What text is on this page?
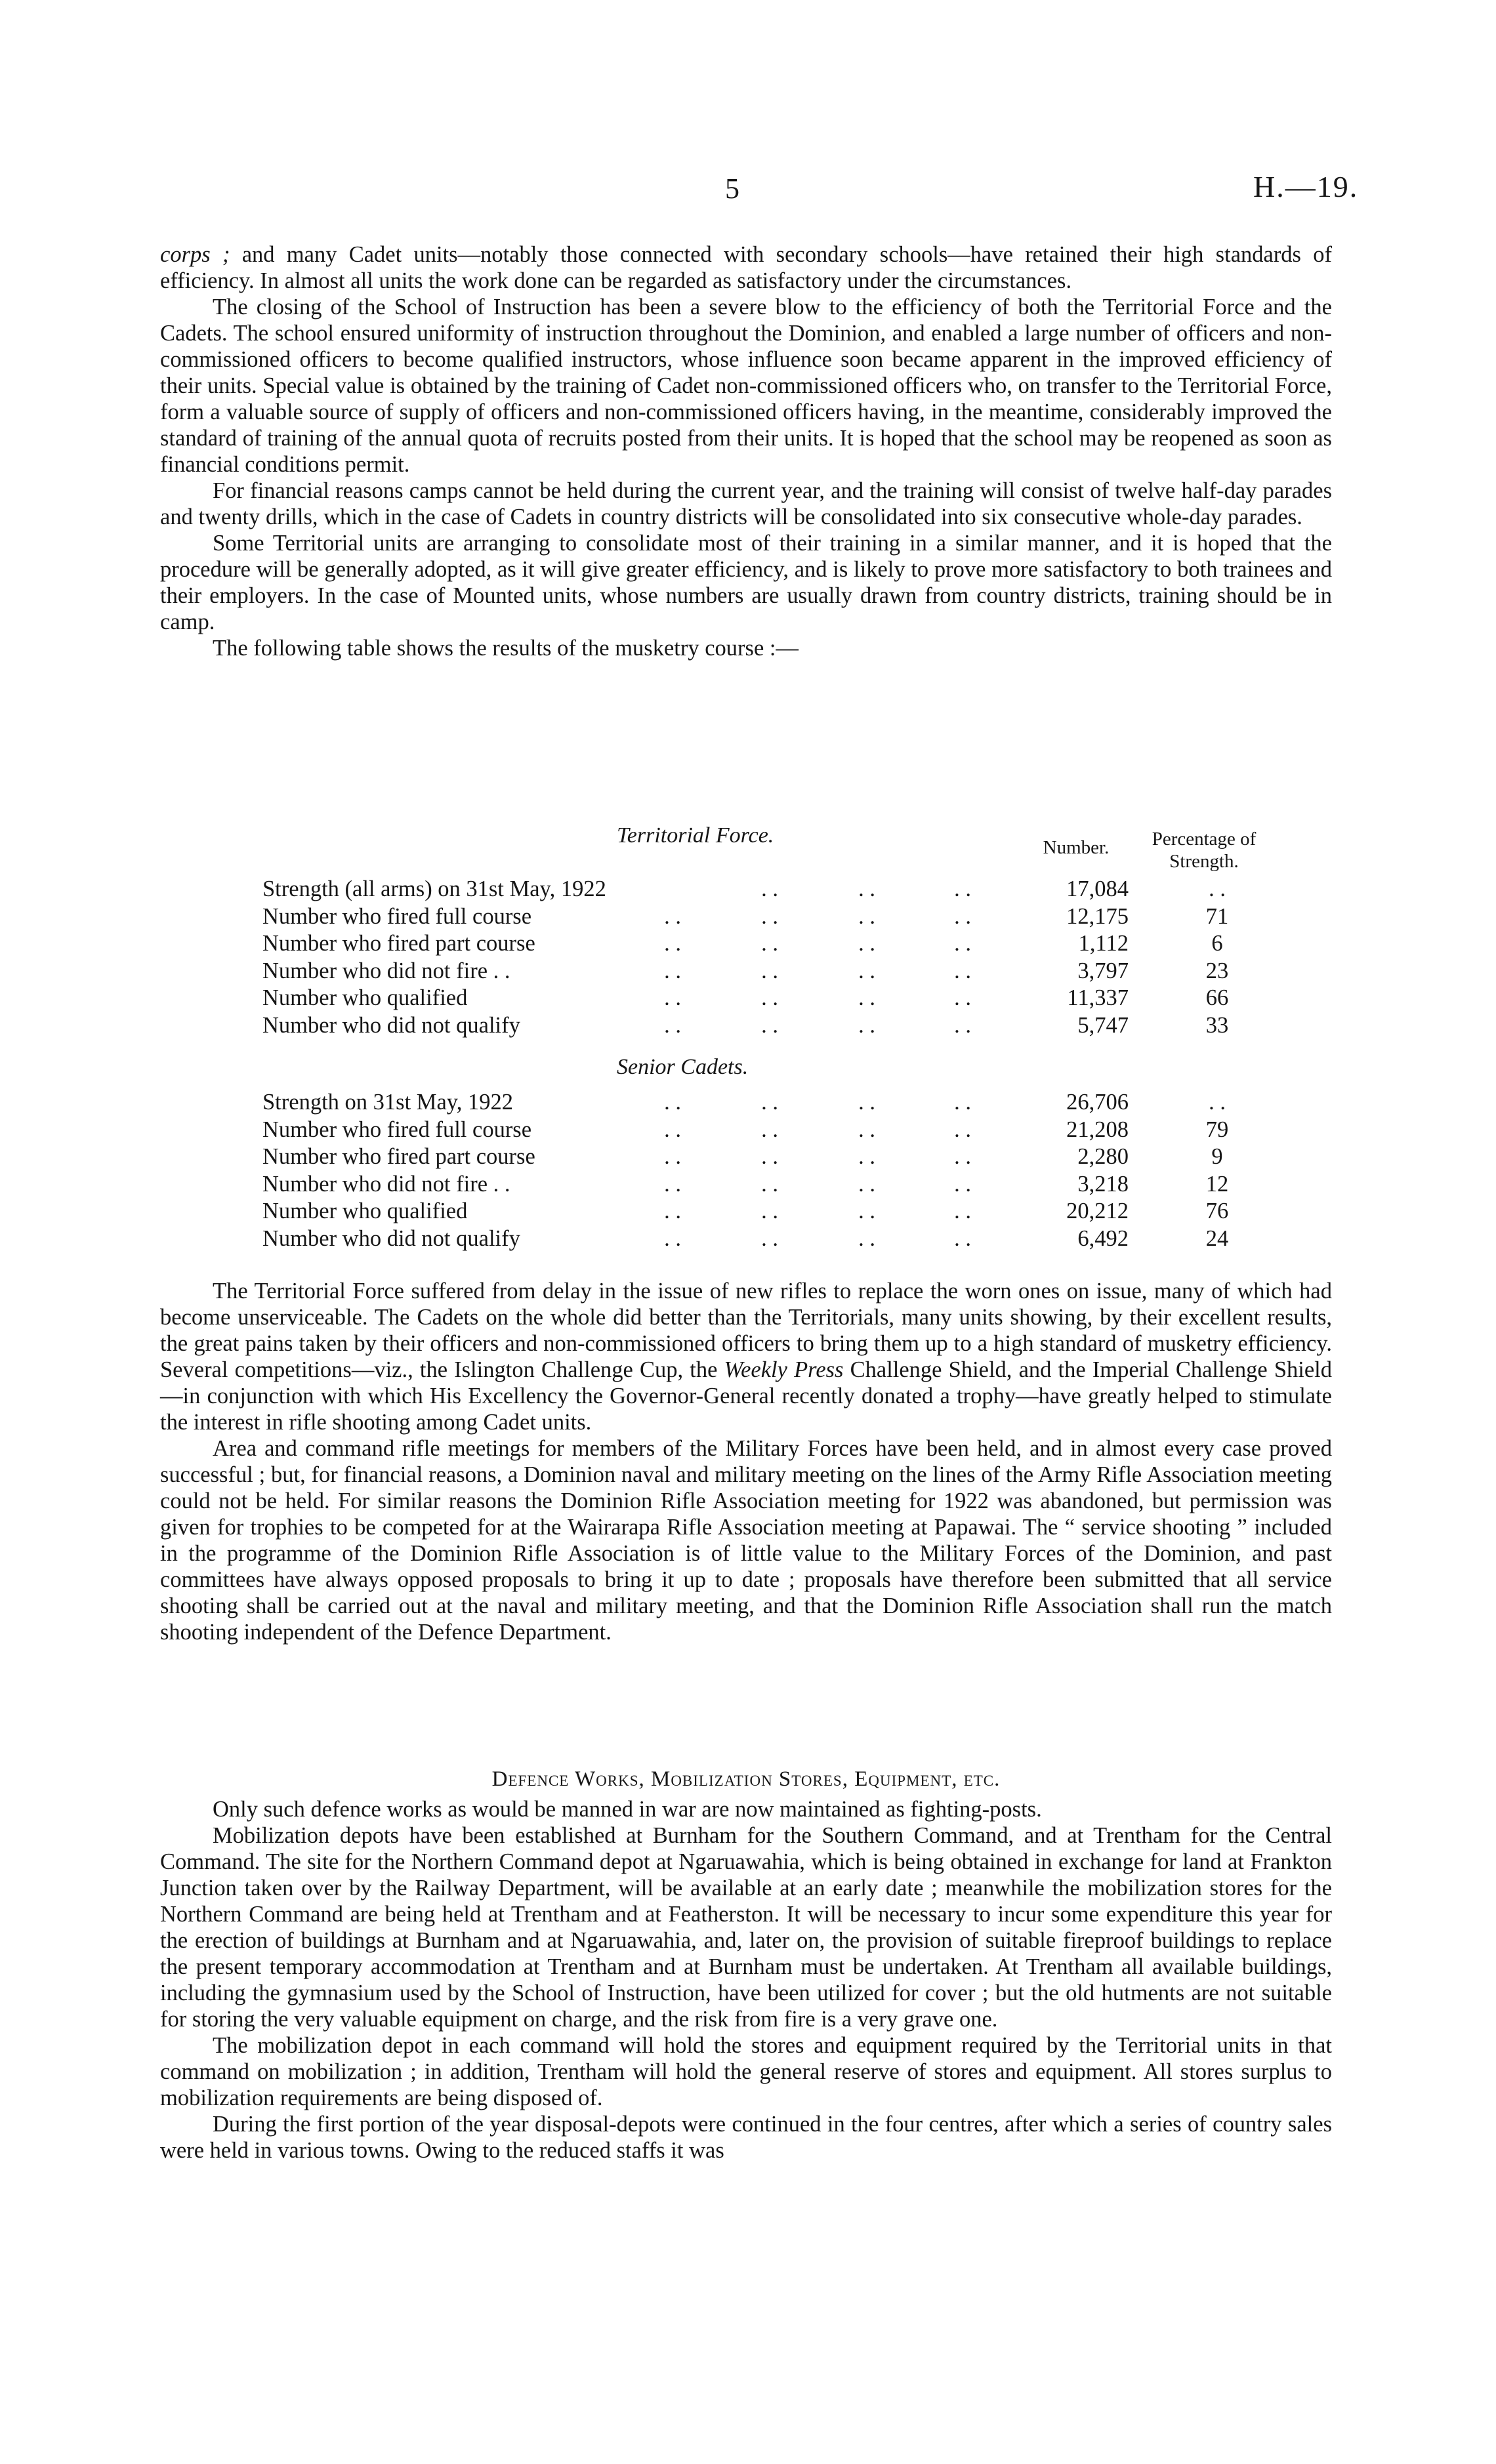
5	H.—19.

corps ; and many Cadet units—notably those connected with secondary schools—have retained their high standards of efficiency. In almost all units the work done can be regarded as satisfactory under the circumstances.

The closing of the School of Instruction has been a severe blow to the efficiency of both the Territorial Force and the Cadets. The school ensured uniformity of instruction throughout the Dominion, and enabled a large number of officers and non-commissioned officers to become qualified instructors, whose influence soon became apparent in the improved efficiency of their units. Special value is obtained by the training of Cadet non-commissioned officers who, on transfer to the Territorial Force, form a valuable source of supply of officers and non-commissioned officers having, in the meantime, considerably improved the standard of training of the annual quota of recruits posted from their units. It is hoped that the school may be reopened as soon as financial conditions permit.

For financial reasons camps cannot be held during the current year, and the training will consist of twelve half-day parades and twenty drills, which in the case of Cadets in country districts will be consolidated into six consecutive whole-day parades.

Some Territorial units are arranging to consolidate most of their training in a similar manner, and it is hoped that the procedure will be generally adopted, as it will give greater efficiency, and is likely to prove more satisfactory to both trainees and their employers. In the case of Mounted units, whose numbers are usually drawn from country districts, training should be in camp.

The following table shows the results of the musketry course :—

Number.	Percentage of
Strength.
Territorial Force.
Strength (all arms) on 31st May, 1922	. .	. .	. .	17,084	. .
Number who fired full course	. .	. .	. .	. .	12,175	71
Number who fired part course	. .	. .	. .	. .	1,112	6
Number who did not fire . .	. .	. .	. .	. .	3,797	23
Number who qualified	. .	. .	. .	. .	11,337	66
Number who did not qualify	. .	. .	. .	. .	5,747	33
Senior Cadets.
Strength on 31st May, 1922	. .	. .	. .	. .	26,706	. .
Number who fired full course	. .	. .	. .	. .	21,208	79
Number who fired part course	. .	. .	. .	. .	2,280	9
Number who did not fire . .	. .	. .	. .	. .	3,218	12
Number who qualified	. .	. .	. .	. .	20,212	76
Number who did not qualify	. .	. .	. .	. .	6,492	24

The Territorial Force suffered from delay in the issue of new rifles to replace the worn ones on issue, many of which had become unserviceable. The Cadets on the whole did better than the Territorials, many units showing, by their excellent results, the great pains taken by their officers and non-commissioned officers to bring them up to a high standard of musketry efficiency. Several competitions—viz., the Islington Challenge Cup, the Weekly Press Challenge Shield, and the Imperial Challenge Shield—in conjunction with which His Excellency the Governor-General recently donated a trophy—have greatly helped to stimulate the interest in rifle shooting among Cadet units.

Area and command rifle meetings for members of the Military Forces have been held, and in almost every case proved successful ; but, for financial reasons, a Dominion naval and military meeting on the lines of the Army Rifle Association meeting could not be held. For similar reasons the Dominion Rifle Association meeting for 1922 was abandoned, but permission was given for trophies to be competed for at the Wairarapa Rifle Association meeting at Papawai. The “ service shooting ” included in the programme of the Dominion Rifle Association is of little value to the Military Forces of the Dominion, and past committees have always opposed proposals to bring it up to date ; proposals have therefore been submitted that all service shooting shall be carried out at the naval and military meeting, and that the Dominion Rifle Association shall run the match shooting independent of the Defence Department.

Defence Works, Mobilization Stores, Equipment, etc.

Only such defence works as would be manned in war are now maintained as fighting-posts.

Mobilization depots have been established at Burnham for the Southern Command, and at Trentham for the Central Command. The site for the Northern Command depot at Ngaruawahia, which is being obtained in exchange for land at Frankton Junction taken over by the Railway Department, will be available at an early date ; meanwhile the mobilization stores for the Northern Command are being held at Trentham and at Featherston. It will be necessary to incur some expenditure this year for the erection of buildings at Burnham and at Ngaruawahia, and, later on, the provision of suitable fireproof buildings to replace the present temporary accommodation at Trentham and at Burnham must be undertaken. At Trentham all available buildings, including the gymnasium used by the School of Instruction, have been utilized for cover ; but the old hutments are not suitable for storing the very valuable equipment on charge, and the risk from fire is a very grave one.

The mobilization depot in each command will hold the stores and equipment required by the Territorial units in that command on mobilization ; in addition, Trentham will hold the general reserve of stores and equipment. All stores surplus to mobilization requirements are being disposed of.

During the first portion of the year disposal-depots were continued in the four centres, after which a series of country sales were held in various towns. Owing to the reduced staffs it was
